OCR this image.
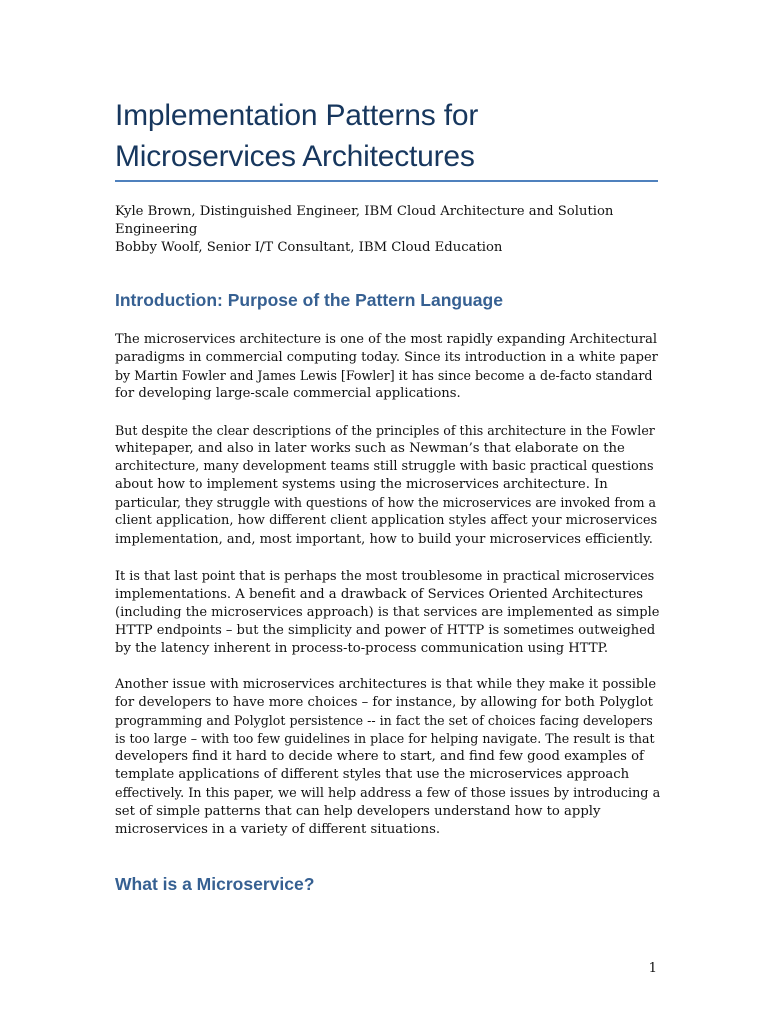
Implementation Patterns for
Microservices Architectures
Kyle Brown, Distinguished Engineer, IBM Cloud Architecture and Solution
Engineering
Bobby Woolf, Senior I/T Consultant, IBM Cloud Education
Introduction: Purpose of the Pattern Language

The microservices architecture is one of the most rapidly expanding Architectural
paradigms in commercial computing today. Since its introduction in a white paper
by Martin Fowler and James Lewis [Fowler] it has since become a de-facto standard
for developing large-scale commercial applications.

But despite the clear descriptions of the principles of this architecture in the Fowler
whitepaper, and also in later works such as Newman’s that elaborate on the
architecture, many development teams still struggle with basic practical questions
about how to implement systems using the microservices architecture. In
particular, they struggle with questions of how the microservices are invoked from a
client application, how different client application styles affect your microservices
implementation, and, most important, how to build your microservices efficiently.

It is that last point that is perhaps the most troublesome in practical microservices
implementations. A benefit and a drawback of Services Oriented Architectures
(including the microservices approach) is that services are implemented as simple
HTTP endpoints – but the simplicity and power of HTTP is sometimes outweighed
by the latency inherent in process-to-process communication using HTTP.

Another issue with microservices architectures is that while they make it possible
for developers to have more choices – for instance, by allowing for both Polyglot
programming and Polyglot persistence -- in fact the set of choices facing developers
is too large – with too few guidelines in place for helping navigate. The result is that
developers find it hard to decide where to start, and find few good examples of
template applications of different styles that use the microservices approach
effectively. In this paper, we will help address a few of those issues by introducing a
set of simple patterns that can help developers understand how to apply
microservices in a variety of different situations.

What is a Microservice?
1
